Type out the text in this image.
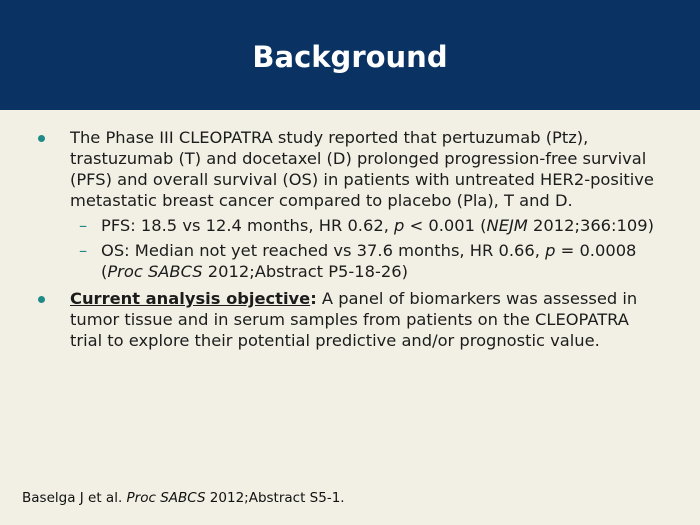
Background
The Phase III CLEOPATRA study reported that pertuzumab (Ptz), trastuzumab (T) and docetaxel (D) prolonged progression-free survival (PFS) and overall survival (OS) in patients with untreated HER2-positive metastatic breast cancer compared to placebo (Pla), T and D.
– PFS: 18.5 vs 12.4 months, HR 0.62, p < 0.001 (NEJM 2012;366:109)
– OS: Median not yet reached vs 37.6 months, HR 0.66, p = 0.0008 (Proc SABCS 2012;Abstract P5-18-26)
Current analysis objective: A panel of biomarkers was assessed in tumor tissue and in serum samples from patients on the CLEOPATRA trial to explore their potential predictive and/or prognostic value.
Baselga J et al. Proc SABCS 2012;Abstract S5-1.
